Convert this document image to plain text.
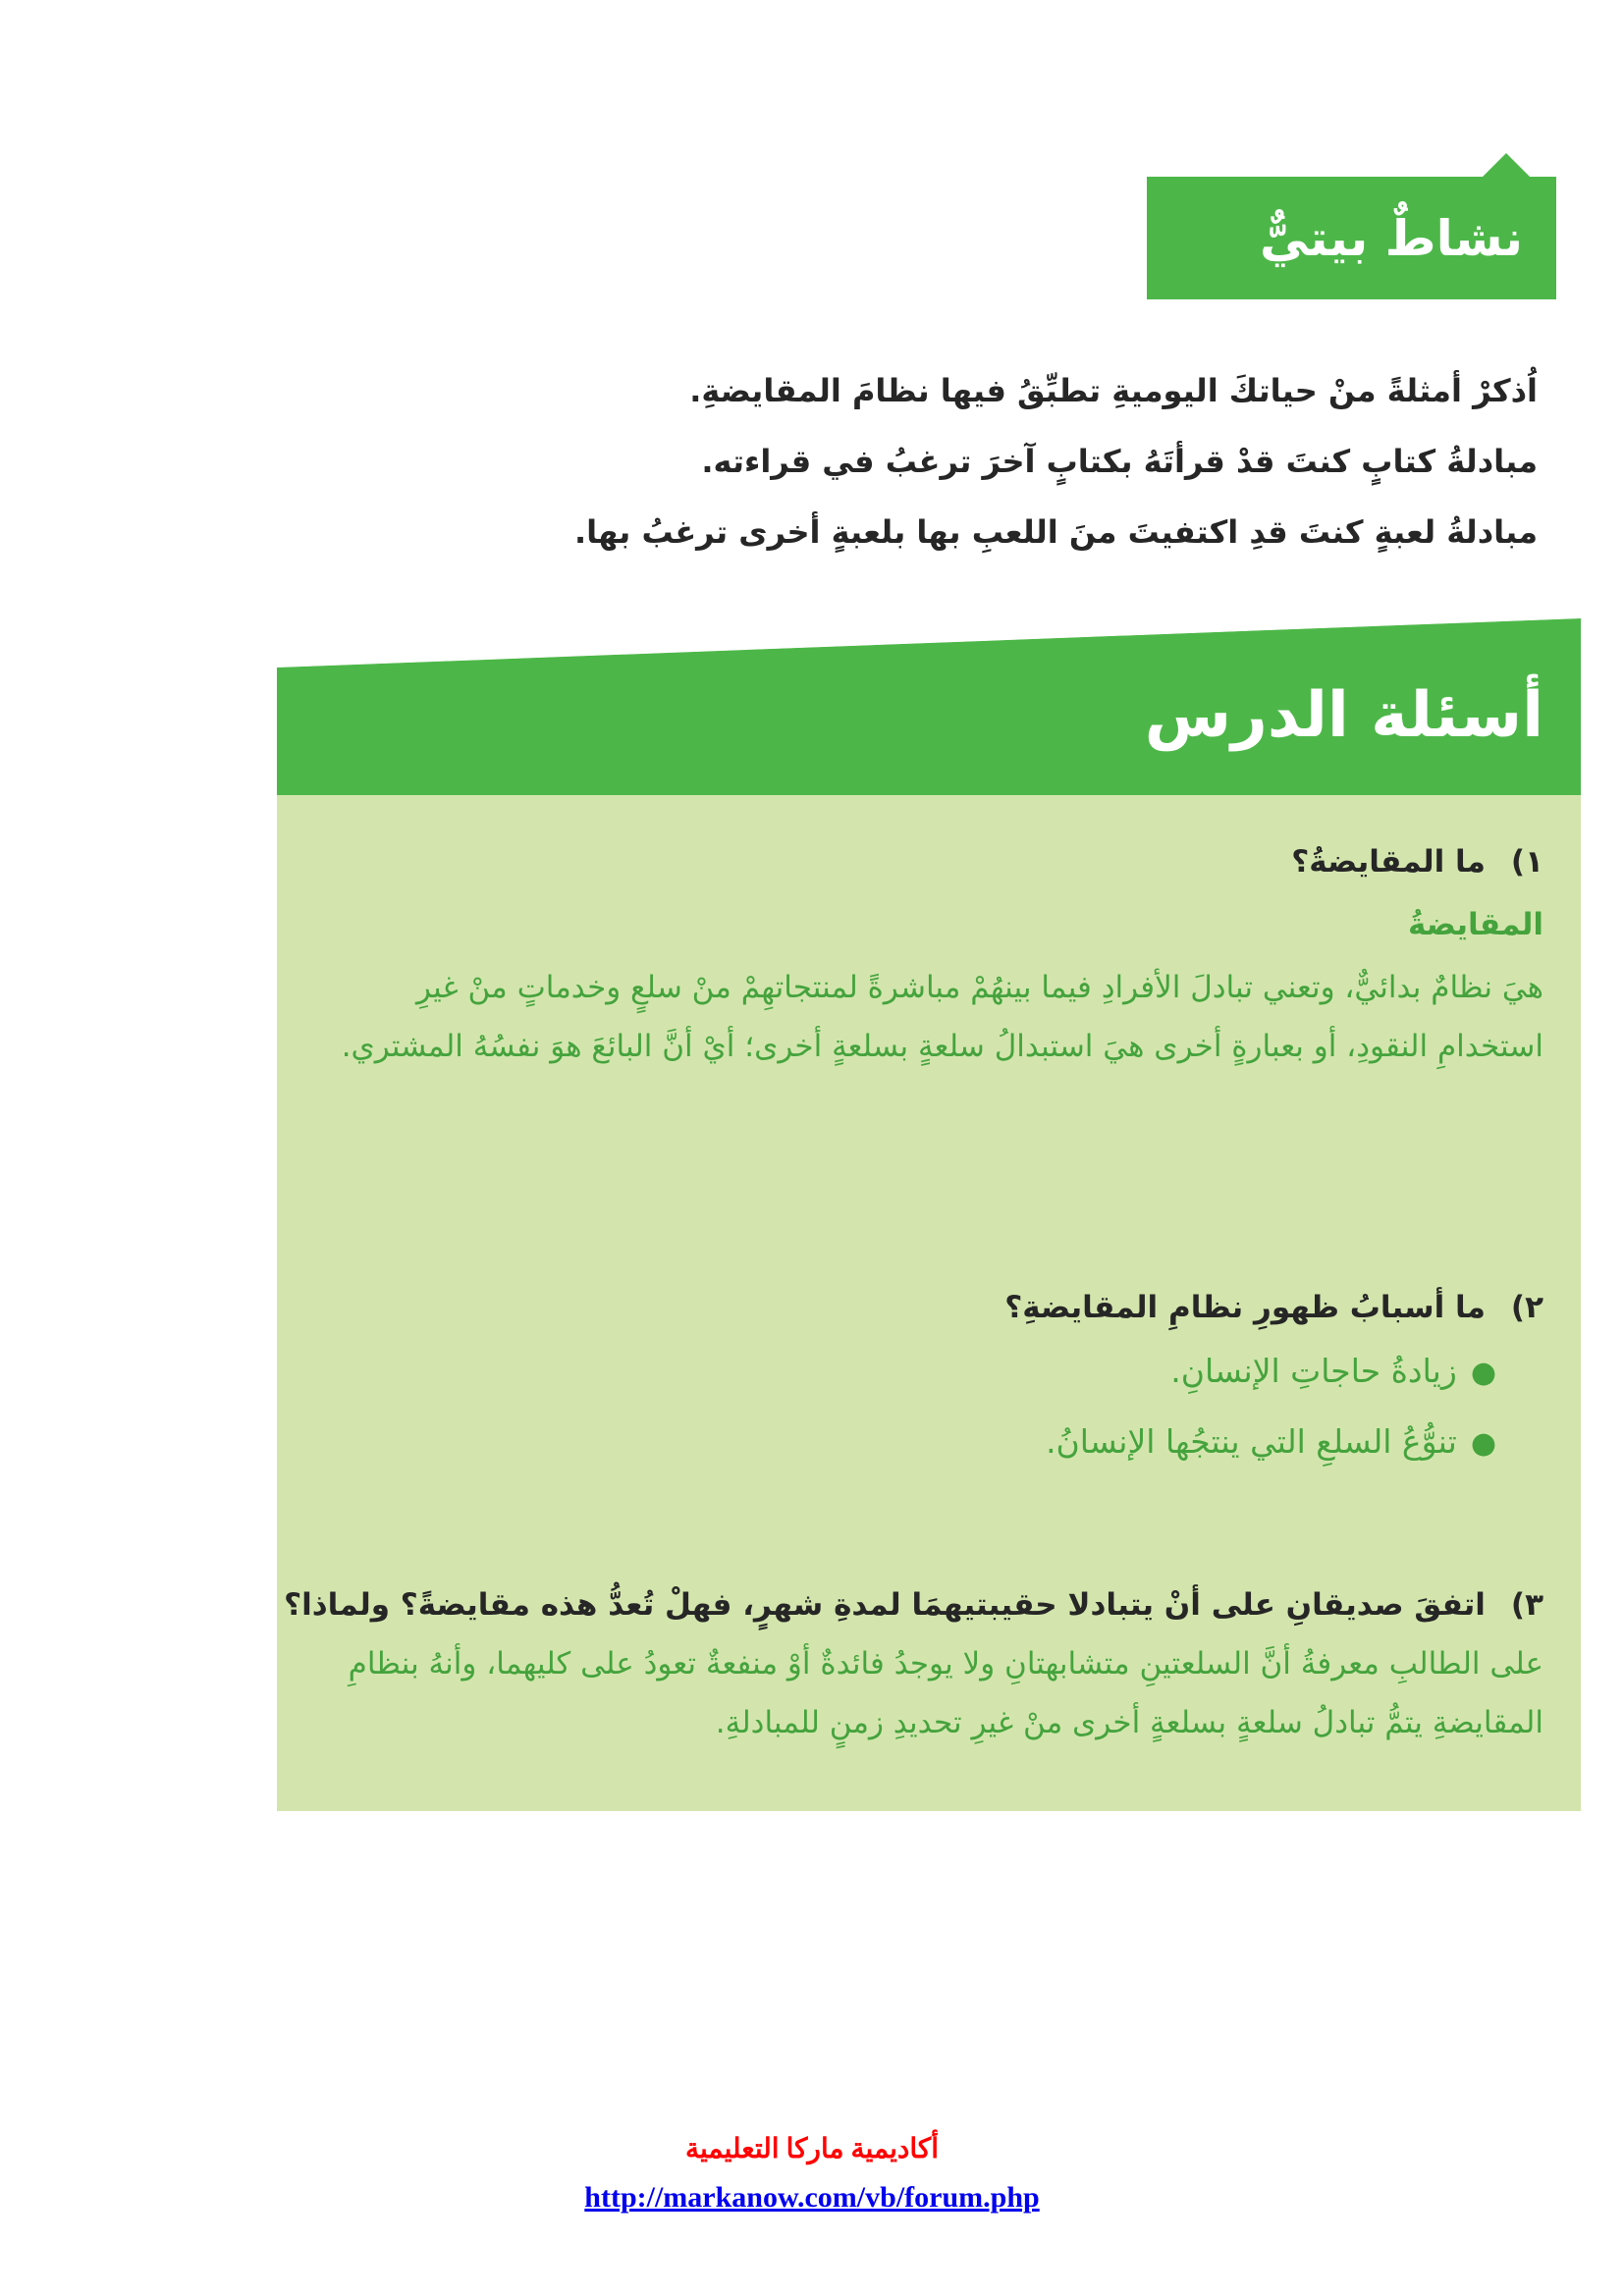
نشاطٌ بيتيٌّ
اُذكرْ أمثلةً منْ حياتكَ اليوميةِ تطبِّقُ فيها نظامَ المقايضةِ.
مبادلةُ كتابٍ كنتَ قدْ قرأتَهُ بكتابٍ آخرَ ترغبُ في قراءته.
مبادلةُ لعبةٍ كنتَ قدِ اكتفيتَ منَ اللعبِ بها بلعبةٍ أخرى ترغبُ بها.
أسئلة الدرس
١)ما المقايضةُ؟
المقايضةُ
هيَ نظامٌ بدائيٌّ، وتعني تبادلَ الأفرادِ فيما بينهُمْ مباشرةً لمنتجاتهِمْ منْ سلعٍ وخدماتٍ منْ غيرِ استخدامِ النقودِ، أو بعبارةٍ أخرى هيَ استبدالُ سلعةٍ بسلعةٍ أخرى؛ أيْ أنَّ البائعَ هوَ نفسُهُ المشتري.
٢)ما أسبابُ ظهورِ نظامِ المقايضةِ؟
●زيادةُ حاجاتِ الإنسانِ.
●تنوُّعُ السلعِ التي ينتجُها الإنسانُ.
٣)اتفقَ صديقانِ على أنْ يتبادلا حقيبتيهمَا لمدةِ شهرٍ، فهلْ تُعدُّ هذه مقايضةً؟ ولماذا؟
على الطالبِ معرفةُ أنَّ السلعتينِ متشابهتانِ ولا يوجدُ فائدةٌ أوْ منفعةٌ تعودُ على كليهما، وأنهُ بنظامِ المقايضةِ يتمُّ تبادلُ سلعةٍ بسلعةٍ أخرى منْ غيرِ تحديدِ زمنٍ للمبادلةِ.
أكاديمية ماركا التعليمية
http://markanow.com/vb/forum.php
